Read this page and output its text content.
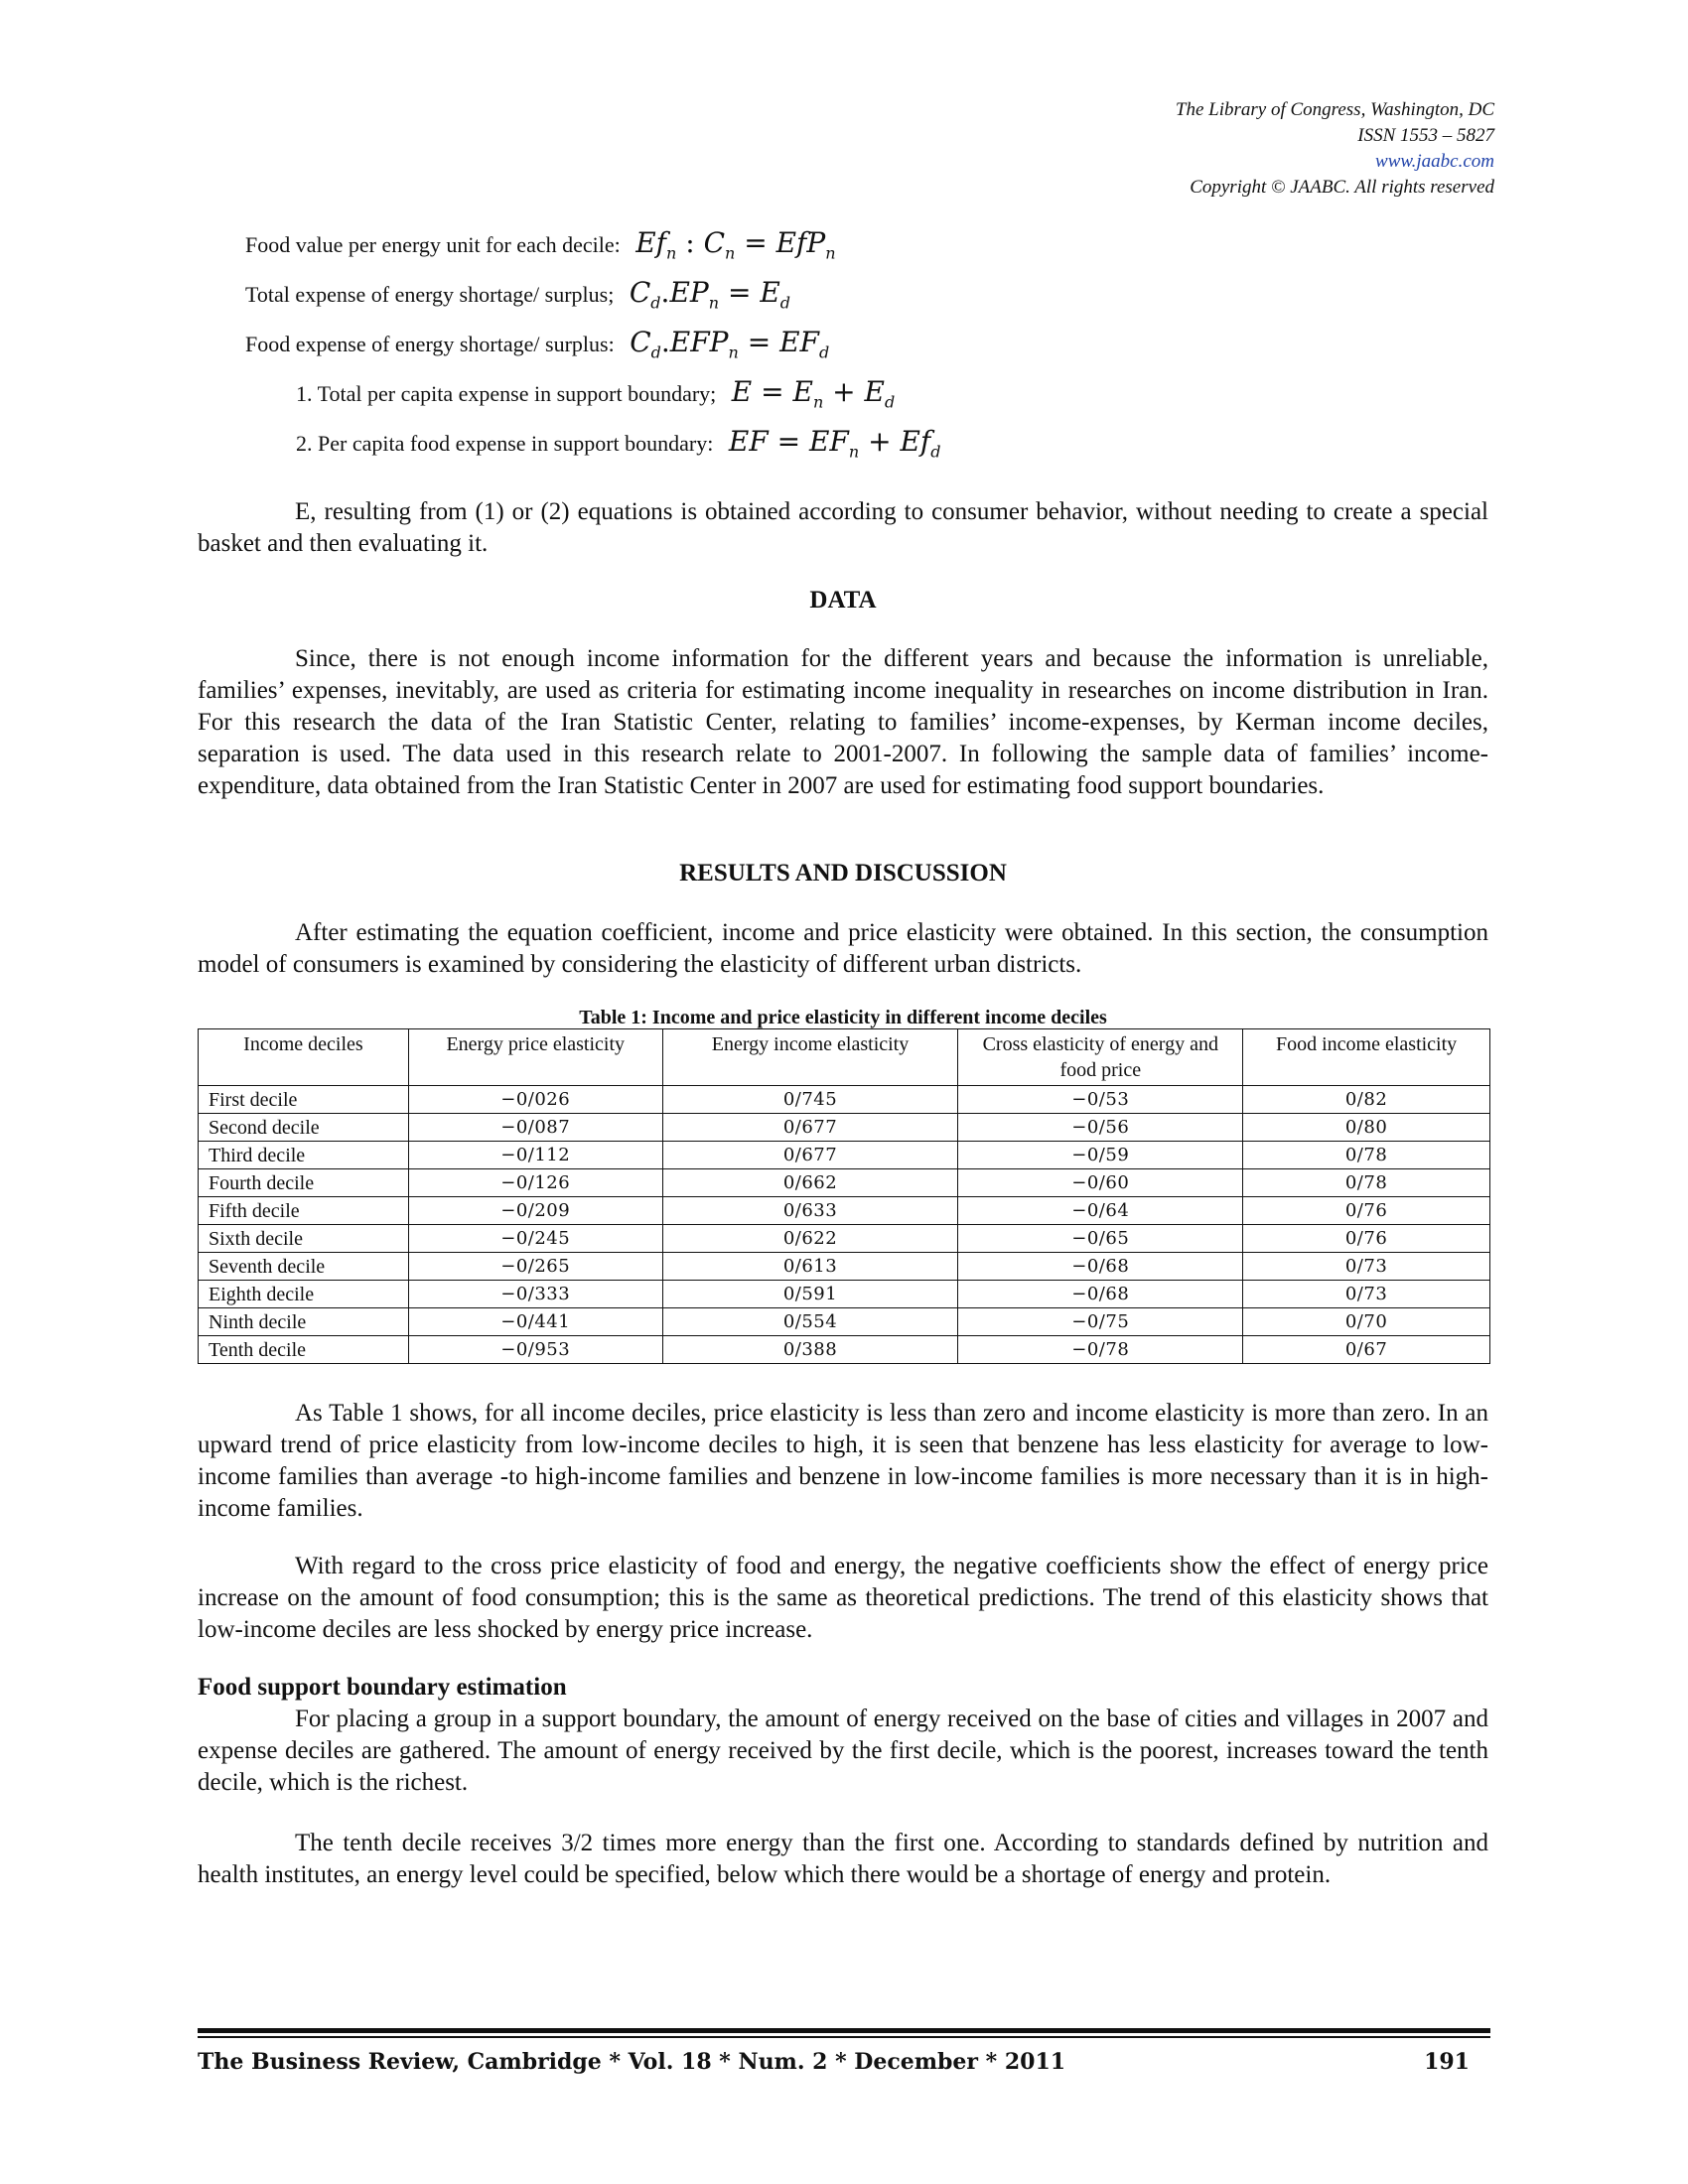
The Library of Congress, Washington, DC
ISSN 1553 – 5827
www.jaabc.com
Copyright © JAABC. All rights reserved
Food value per energy unit for each decile: $Ef_n$ : $C_n = EfP_n$
Total expense of energy shortage/ surplus; $C_d.EP_n = E_d$
Food expense of energy shortage/ surplus: $C_d.EFP_n = EF_d$
1. Total per capita expense in support boundary; $E = E_n + E_d$
2. Per capita food expense in support boundary: EF = $EF_n + Ef_d$

E, resulting from (1) or (2) equations is obtained according to consumer behavior, without needing to create a special basket and then evaluating it.

DATA

Since, there is not enough income information for the different years and because the information is unreliable, families’ expenses, inevitably, are used as criteria for estimating income inequality in researches on income distribution in Iran. For this research the data of the Iran Statistic Center, relating to families’ income-expenses, by Kerman income deciles, separation is used. The data used in this research relate to 2001-2007. In following the sample data of families’ income-expenditure, data obtained from the Iran Statistic Center in 2007 are used for estimating food support boundaries.

RESULTS AND DISCUSSION

After estimating the equation coefficient, income and price elasticity were obtained. In this section, the consumption model of consumers is examined by considering the elasticity of different urban districts.

Table 1: Income and price elasticity in different income deciles
Income deciles	Energy price elasticity	Energy income elasticity	Cross elasticity of energy and food price	Food income elasticity
First decile	−0/026	0/745	−0/53	0/82
Second decile	−0/087	0/677	−0/56	0/80
Third decile	−0/112	0/677	−0/59	0/78
Fourth decile	−0/126	0/662	−0/60	0/78
Fifth decile	−0/209	0/633	−0/64	0/76
Sixth decile	−0/245	0/622	−0/65	0/76
Seventh decile	−0/265	0/613	−0/68	0/73
Eighth decile	−0/333	0/591	−0/68	0/73
Ninth decile	−0/441	0/554	−0/75	0/70
Tenth decile	−0/953	0/388	−0/78	0/67

As Table 1 shows, for all income deciles, price elasticity is less than zero and income elasticity is more than zero. In an upward trend of price elasticity from low-income deciles to high, it is seen that benzene has less elasticity for average to low-income families than average -to high-income families and benzene in low-income families is more necessary than it is in high-income families.

With regard to the cross price elasticity of food and energy, the negative coefficients show the effect of energy price increase on the amount of food consumption; this is the same as theoretical predictions. The trend of this elasticity shows that low-income deciles are less shocked by energy price increase.

Food support boundary estimation

For placing a group in a support boundary, the amount of energy received on the base of cities and villages in 2007 and expense deciles are gathered. The amount of energy received by the first decile, which is the poorest, increases toward the tenth decile, which is the richest.

The tenth decile receives 3/2 times more energy than the first one. According to standards defined by nutrition and health institutes, an energy level could be specified, below which there would be a shortage of energy and protein.

The Business Review, Cambridge * Vol. 18 * Num. 2 * December * 2011	191
